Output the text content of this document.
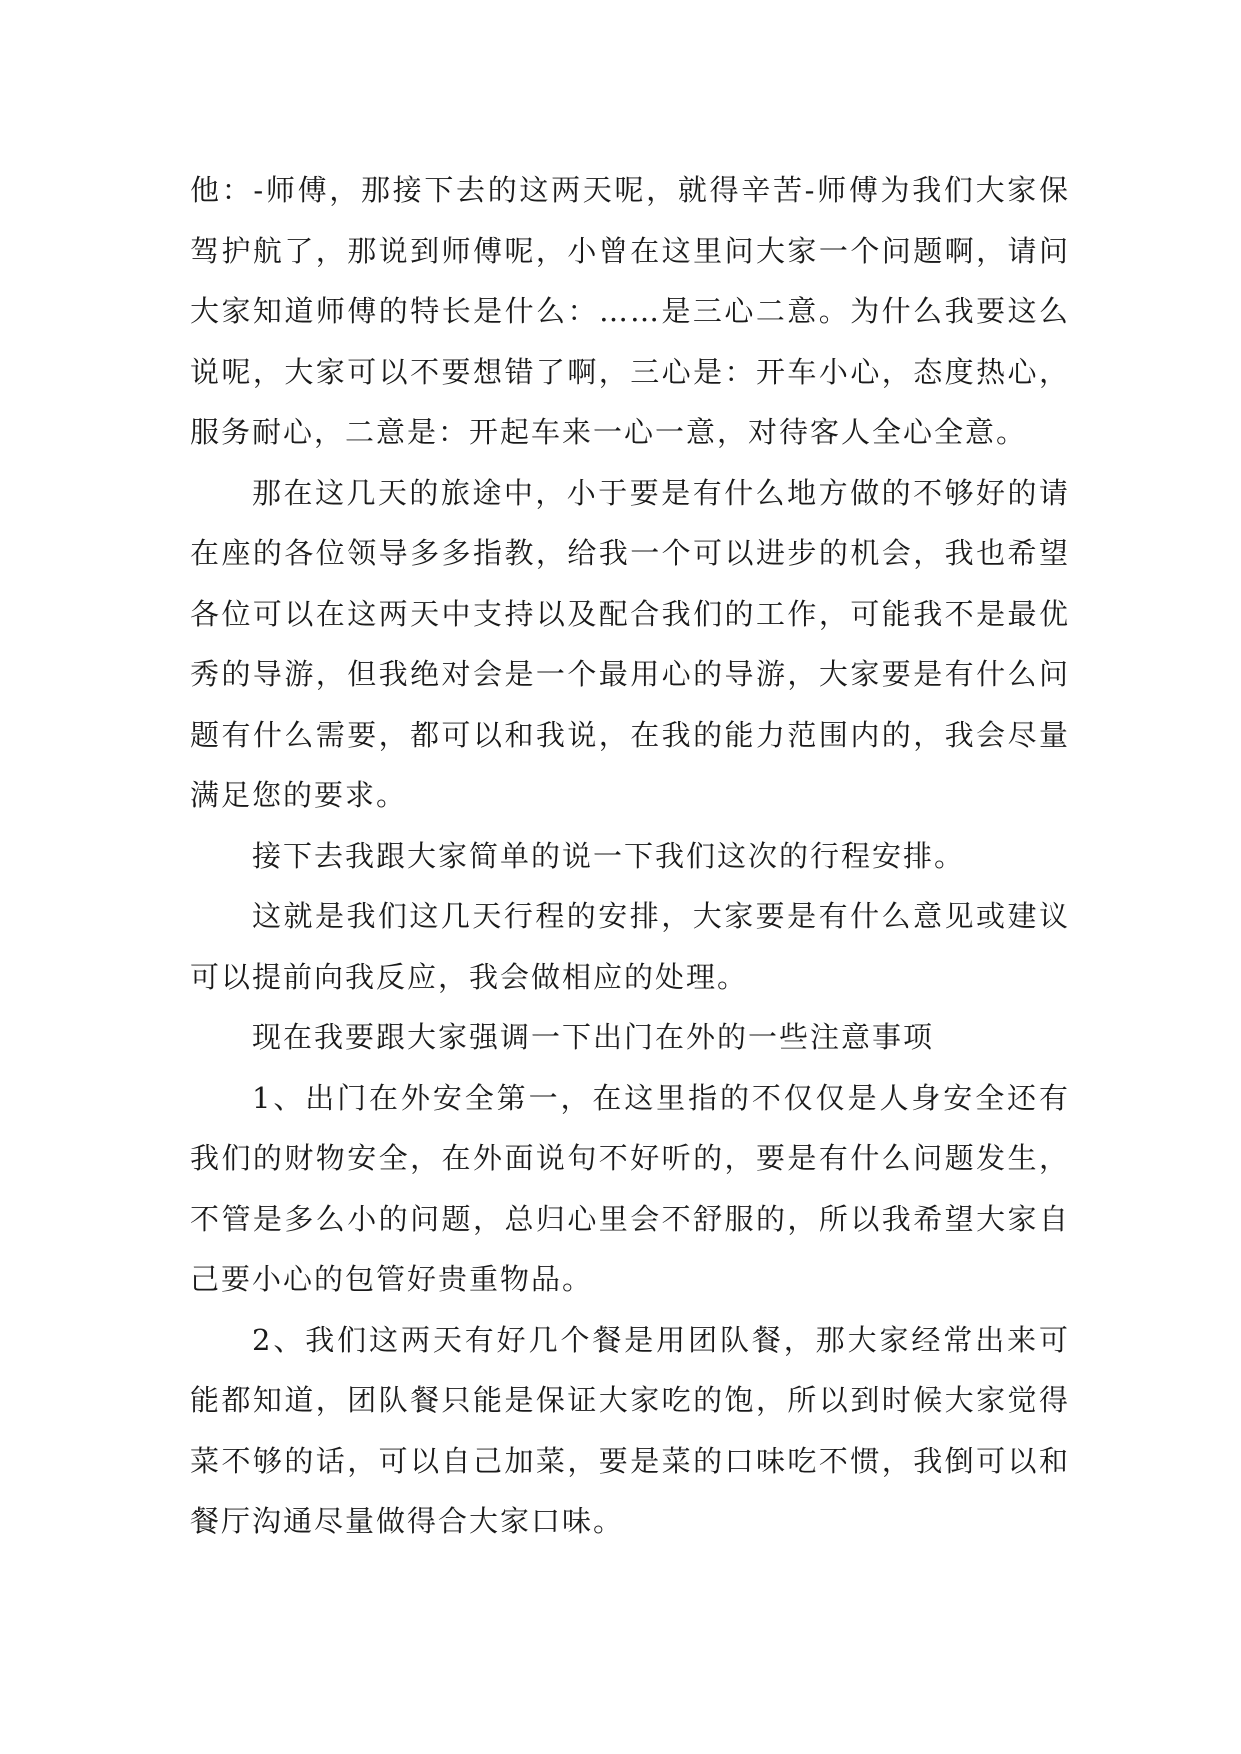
他：-师傅，那接下去的这两天呢，就得辛苦-师傅为我们大家保驾护航了，那说到师傅呢，小曾在这里问大家一个问题啊，请问大家知道师傅的特长是什么：……是三心二意。为什么我要这么说呢，大家可以不要想错了啊，三心是：开车小心，态度热心，服务耐心，二意是：开起车来一心一意，对待客人全心全意。

那在这几天的旅途中，小于要是有什么地方做的不够好的请在座的各位领导多多指教，给我一个可以进步的机会，我也希望各位可以在这两天中支持以及配合我们的工作，可能我不是最优秀的导游，但我绝对会是一个最用心的导游，大家要是有什么问题有什么需要，都可以和我说，在我的能力范围内的，我会尽量满足您的要求。

接下去我跟大家简单的说一下我们这次的行程安排。

这就是我们这几天行程的安排，大家要是有什么意见或建议可以提前向我反应，我会做相应的处理。

现在我要跟大家强调一下出门在外的一些注意事项

1、出门在外安全第一，在这里指的不仅仅是人身安全还有我们的财物安全，在外面说句不好听的，要是有什么问题发生，不管是多么小的问题，总归心里会不舒服的，所以我希望大家自己要小心的包管好贵重物品。

2、我们这两天有好几个餐是用团队餐，那大家经常出来可能都知道，团队餐只能是保证大家吃的饱，所以到时候大家觉得菜不够的话，可以自己加菜，要是菜的口味吃不惯，我倒可以和餐厅沟通尽量做得合大家口味。
